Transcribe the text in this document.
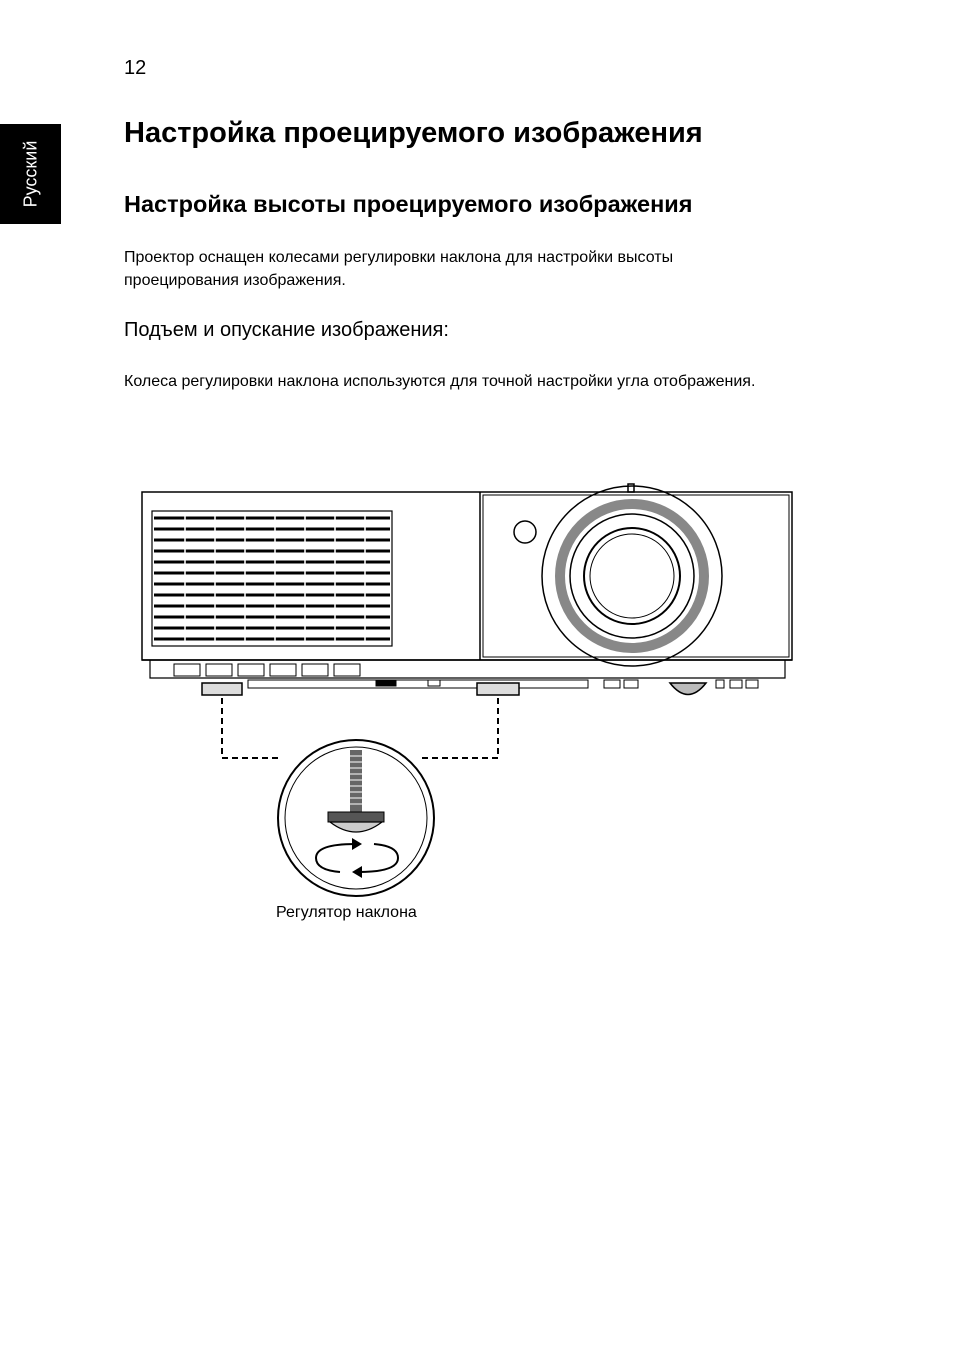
12
Русский
Настройка проецируемого изображения
Настройка высоты проецируемого изображения
Проектор оснащен колесами регулировки наклона для настройки высоты проецирования изображения.
Подъем и опускание изображения:
Колеса регулировки наклона используются для точной настройки угла отображения.
Регулятор наклона
